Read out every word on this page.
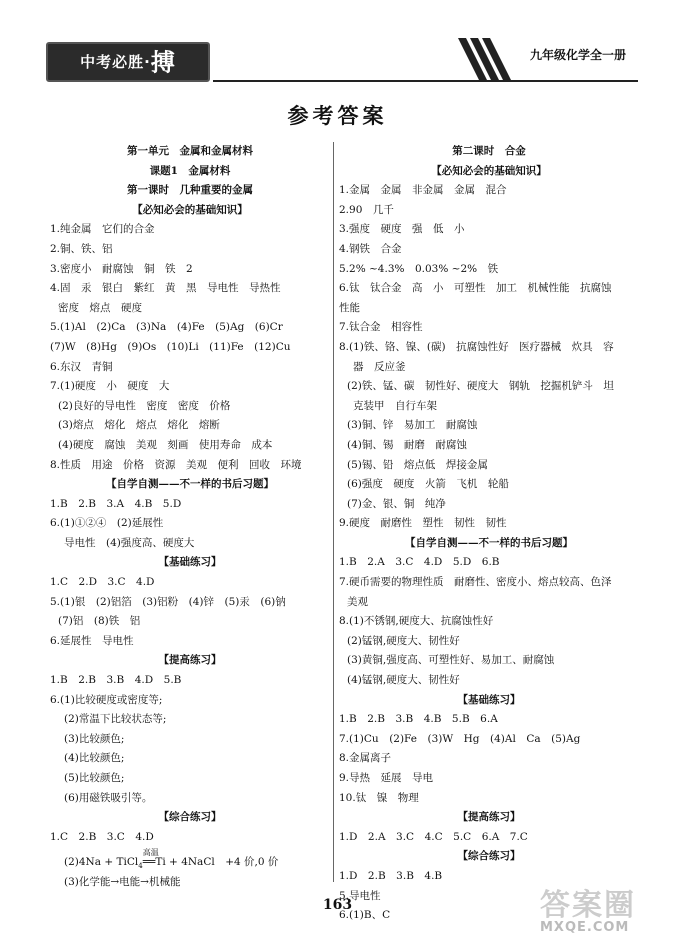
中考必胜·搏	九年级化学全一册
参考答案
第一单元　金属和金属材料
课题1　金属材料
第一课时　几种重要的金属
【必知必会的基础知识】
1.纯金属　它们的合金
2.铜、铁、铝
3.密度小　耐腐蚀　铜　铁　2
4.固　汞　银白　紫红　黄　黑　导电性　导热性
密度　熔点　硬度
5.(1)Al　(2)Ca　(3)Na　(4)Fe　(5)Ag　(6)Cr
(7)W　(8)Hg　(9)Os　(10)Li　(11)Fe　(12)Cu
6.东汉　青铜
7.(1)硬度　小　硬度　大
(2)良好的导电性　密度　密度　价格
(3)熔点　熔化　熔点　熔化　熔断
(4)硬度　腐蚀　美观　刻画　使用寿命　成本
8.性质　用途　价格　资源　美观　便利　回收　环境
【自学自测——不一样的书后习题】
1.B　2.B　3.A　4.B　5.D
6.(1)①②④　(2)延展性
导电性　(4)强度高、硬度大
【基础练习】
1.C　2.D　3.C　4.D
5.(1)银　(2)铝箔　(3)铝粉　(4)锌　(5)汞　(6)钠
(7)铝　(8)铁　铝
6.延展性　导电性
【提高练习】
1.B　2.B　3.B　4.D　5.B
6.(1)比较硬度或密度等;
(2)常温下比较状态等;
(3)比较颜色;
(4)比较颜色;
(5)比较颜色;
(6)用磁铁吸引等。
【综合练习】
1.C　2.B　3.C　4.D
(2)4Na + TiCl$_4$
高温
══Ti + 4NaCl　+4 价,0 价
(3)化学能→电能→机械能
第二课时　合金
【必知必会的基础知识】
1.金属　金属　非金属　金属　混合
2.90　几千
3.强度　硬度　强　低　小
4.钢铁　合金
5.2% ~4.3%　0.03% ~2%　铁
6.钛　钛合金　高　小　可塑性　加工　机械性能　抗腐蚀
性能
7.钛合金　相容性
8.(1)铁、铬、镍、(碳)　抗腐蚀性好　医疗器械　炊具　容
器　反应釜
(2)铁、锰、碳　韧性好、硬度大　钢轨　挖掘机铲斗　坦
克装甲　自行车架
(3)铜、锌　易加工　耐腐蚀
(4)铜、锡　耐磨　耐腐蚀
(5)锡、铅　熔点低　焊接金属
(6)强度　硬度　火箭　飞机　轮船
(7)金、银、铜　纯净
9.硬度　耐磨性　塑性　韧性　韧性
【自学自测——不一样的书后习题】
1.B　2.A　3.C　4.D　5.D　6.B
7.硬币需要的物理性质　耐磨性、密度小、熔点较高、色泽
美观
8.(1)不锈钢,硬度大、抗腐蚀性好
(2)锰钢,硬度大、韧性好
(3)黄铜,强度高、可塑性好、易加工、耐腐蚀
(4)锰钢,硬度大、韧性好
【基础练习】
1.B　2.B　3.B　4.B　5.B　6.A
7.(1)Cu　(2)Fe　(3)W　Hg　(4)Al　Ca　(5)Ag
8.金属离子
9.导热　延展　导电
10.钛　镍　物理
【提高练习】
1.D　2.A　3.C　4.C　5.C　6.A　7.C
【综合练习】
1.D　2.B　3.B　4.B
5.导电性
6.(1)B、C
163	答案圈
MXQE.COM
